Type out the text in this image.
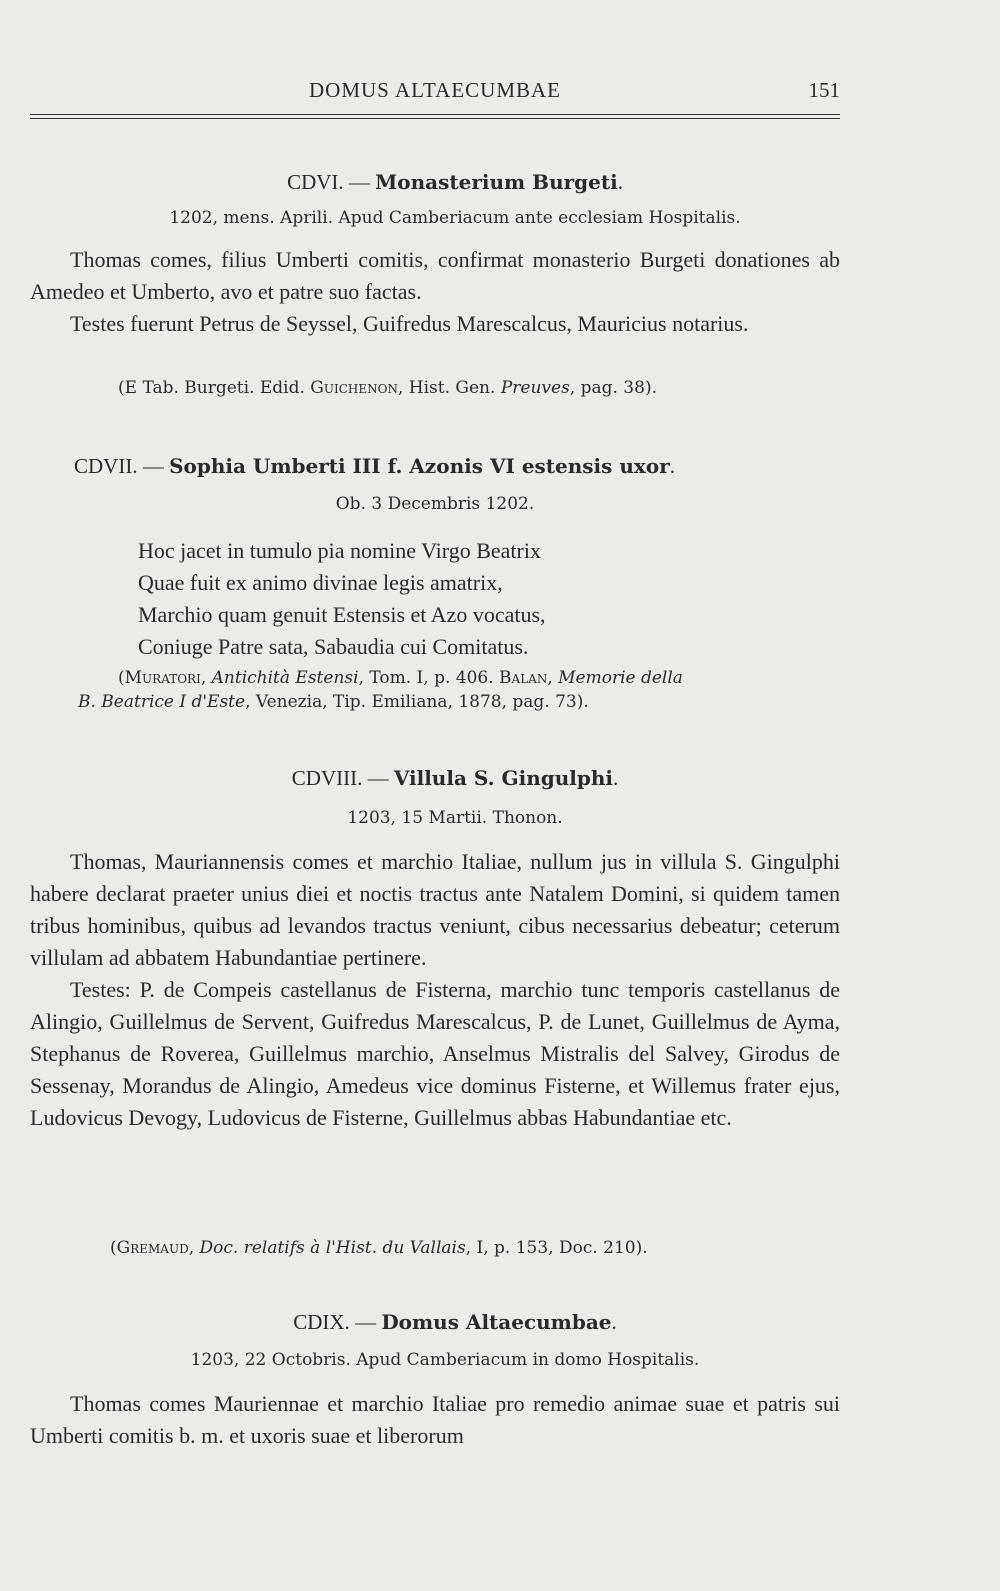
DOMUS ALTAECUMBAE	151
CDVI. — Monasterium Burgeti.
1202, mens. Aprili. Apud Camberiacum ante ecclesiam Hospitalis.

Thomas comes, filius Umberti comitis, confirmat monasterio Burgeti donationes ab Amedeo et Umberto, avo et patre suo factas.

Testes fuerunt Petrus de Seyssel, Guifredus Marescalcus, Mauricius notarius.

(E Tab. Burgeti. Edid. Guichenon, Hist. Gen. Preuves, pag. 38).
CDVII. — Sophia Umberti III f. Azonis VI estensis uxor.
Ob. 3 Decembris 1202.
Hoc jacet in tumulo pia nomine Virgo Beatrix
Quae fuit ex animo divinae legis amatrix,
Marchio quam genuit Estensis et Azo vocatus,
Coniuge Patre sata, Sabaudia cui Comitatus.
(Muratori, Antichità Estensi, Tom. I, p. 406. Balan, Memorie della
B. Beatrice I d'Este, Venezia, Tip. Emiliana, 1878, pag. 73).
CDVIII. — Villula S. Gingulphi.
1203, 15 Martii. Thonon.

Thomas, Mauriannensis comes et marchio Italiae, nullum jus in villula S. Gingulphi habere declarat praeter unius diei et noctis tractus ante Natalem Domini, si quidem tamen tribus hominibus, quibus ad levandos tractus veniunt, cibus necessarius debeatur; ceterum villulam ad abbatem Habundantiae pertinere.

Testes: P. de Compeis castellanus de Fisterna, marchio tunc temporis castellanus de Alingio, Guillelmus de Servent, Guifredus Marescalcus, P. de Lunet, Guillelmus de Ayma, Stephanus de Roverea, Guillelmus marchio, Anselmus Mistralis del Salvey, Girodus de Sessenay, Morandus de Alingio, Amedeus vice dominus Fisterne, et Willemus frater ejus, Ludovicus Devogy, Ludovicus de Fisterne, Guillelmus abbas Habundantiae etc.

(Gremaud, Doc. relatifs à l'Hist. du Vallais, I, p. 153, Doc. 210).
CDIX. — Domus Altaecumbae.
1203, 22 Octobris. Apud Camberiacum in domo Hospitalis.

Thomas comes Mauriennae et marchio Italiae pro remedio animae suae et patris sui Umberti comitis b. m. et uxoris suae et liberorum
